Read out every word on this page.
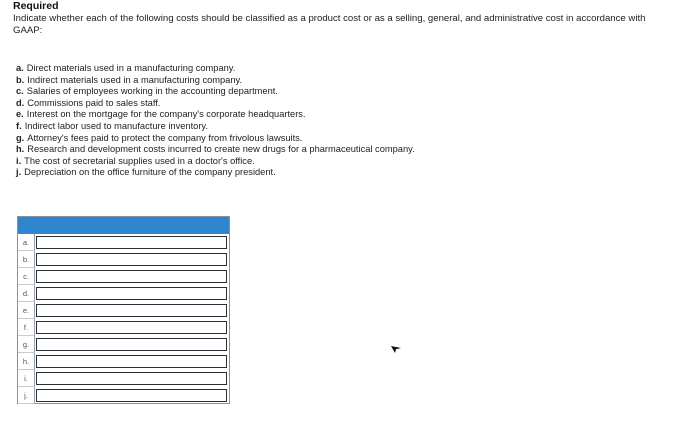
Required
Indicate whether each of the following costs should be classified as a product cost or as a selling, general, and administrative cost in accordance with GAAP:
a. Direct materials used in a manufacturing company.
b. Indirect materials used in a manufacturing company.
c. Salaries of employees working in the accounting department.
d. Commissions paid to sales staff.
e. Interest on the mortgage for the company's corporate headquarters.
f. Indirect labor used to manufacture inventory.
g. Attorney's fees paid to protect the company from frivolous lawsuits.
h. Research and development costs incurred to create new drugs for a pharmaceutical company.
i. The cost of secretarial supplies used in a doctor's office.
j. Depreciation on the office furniture of the company president.
a.
b.
c.
d.
e.
f.
g.
h.
i.
j.
